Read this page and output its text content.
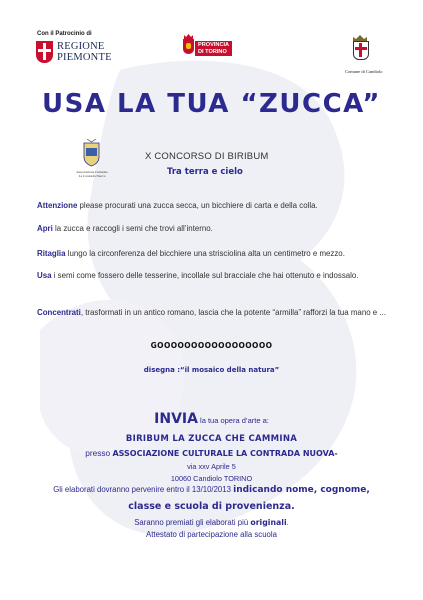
Con il Patrocinio di
REGIONE
PIEMONTE
PROVINCIA
DI TORINO
Comune di Candiolo
USA LA TUA “ZUCCA”
Associazione Culturale
La Contrada Nuova
X CONCORSO DI BIRIBUM
Tra terra e cielo
Attenzione please procurati una zucca secca, un bicchiere di carta e della colla.
Apri la zucca e raccogli i semi che trovi all’interno.
Ritaglia lungo la circonferenza del bicchiere una strisciolina alta un centimetro e mezzo.
Usa i semi come fossero delle tesserine, incollale sul bracciale che hai ottenuto e indossalo.
Concentrati, trasformati in un antico romano, lascia che la potente “armilla” rafforzi la tua mano e ...
GOOOOOOOOOOOOOOOOO
disegna :“il mosaico della natura”
INVIA la tua opera d’arte a:
BIRIBUM LA ZUCCA CHE CAMMINA
presso ASSOCIAZIONE CULTURALE LA CONTRADA NUOVA-
via xxv Aprile 5
10060 Candiolo TORINO
Gli elaborati dovranno pervenire entro il 13/10/2013 indicando nome, cognome,
classe e scuola di provenienza.
Saranno premiati gli elaborati più originali.
Attestato di partecipazione alla scuola
